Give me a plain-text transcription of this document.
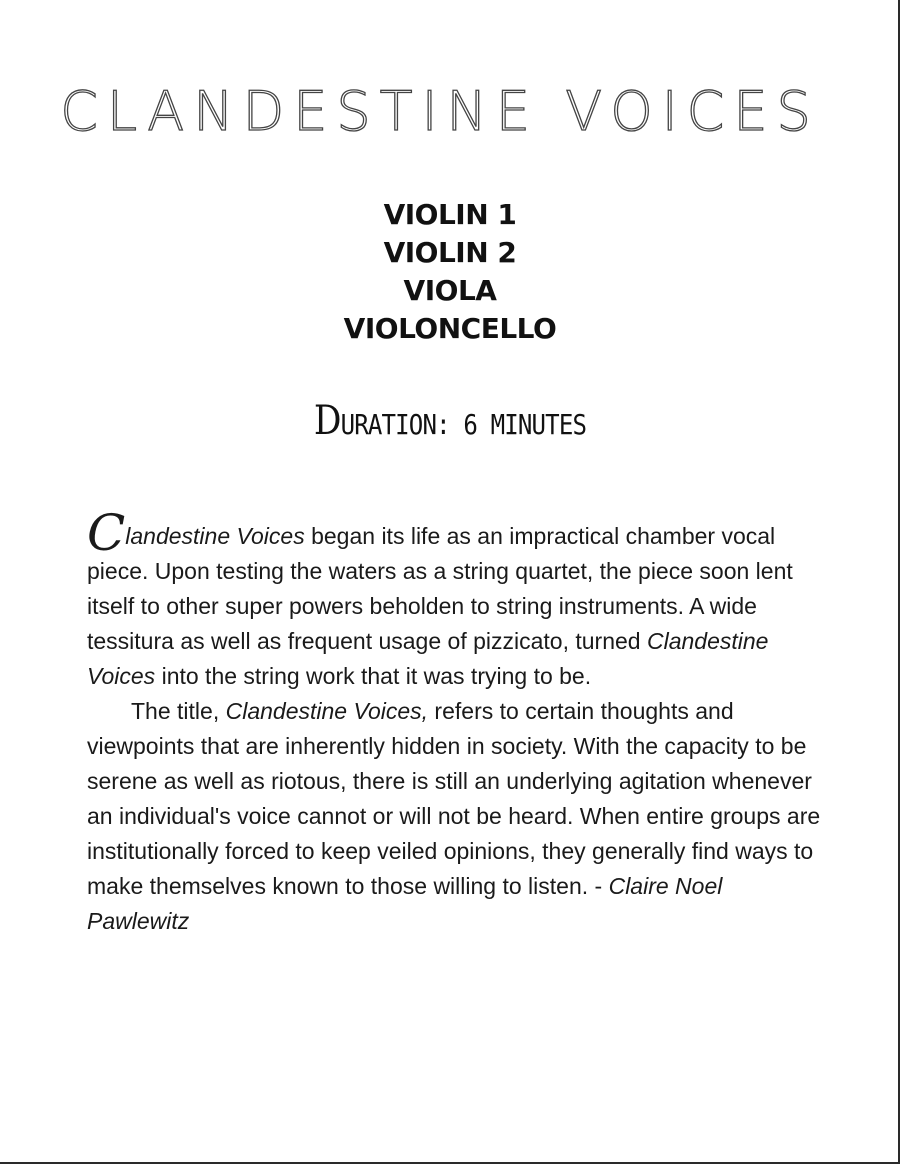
CLANDESTINE VOICES
VIOLIN 1
VIOLIN 2
VIOLA
VIOLONCELLO
DURATION: 6 MINUTES

Clandestine Voices began its life as an impractical chamber vocal piece. Upon testing the waters as a string quartet, the piece soon lent itself to other super powers beholden to string instruments. A wide tessitura as well as frequent usage of pizzicato, turned Clandestine Voices into the string work that it was trying to be.

The title, Clandestine Voices, refers to certain thoughts and viewpoints that are inherently hidden in society. With the capacity to be serene as well as riotous, there is still an underlying agitation whenever an individual's voice cannot or will not be heard. When entire groups are institutionally forced to keep veiled opinions, they generally find ways to make themselves known to those willing to listen. - Claire Noel Pawlewitz
